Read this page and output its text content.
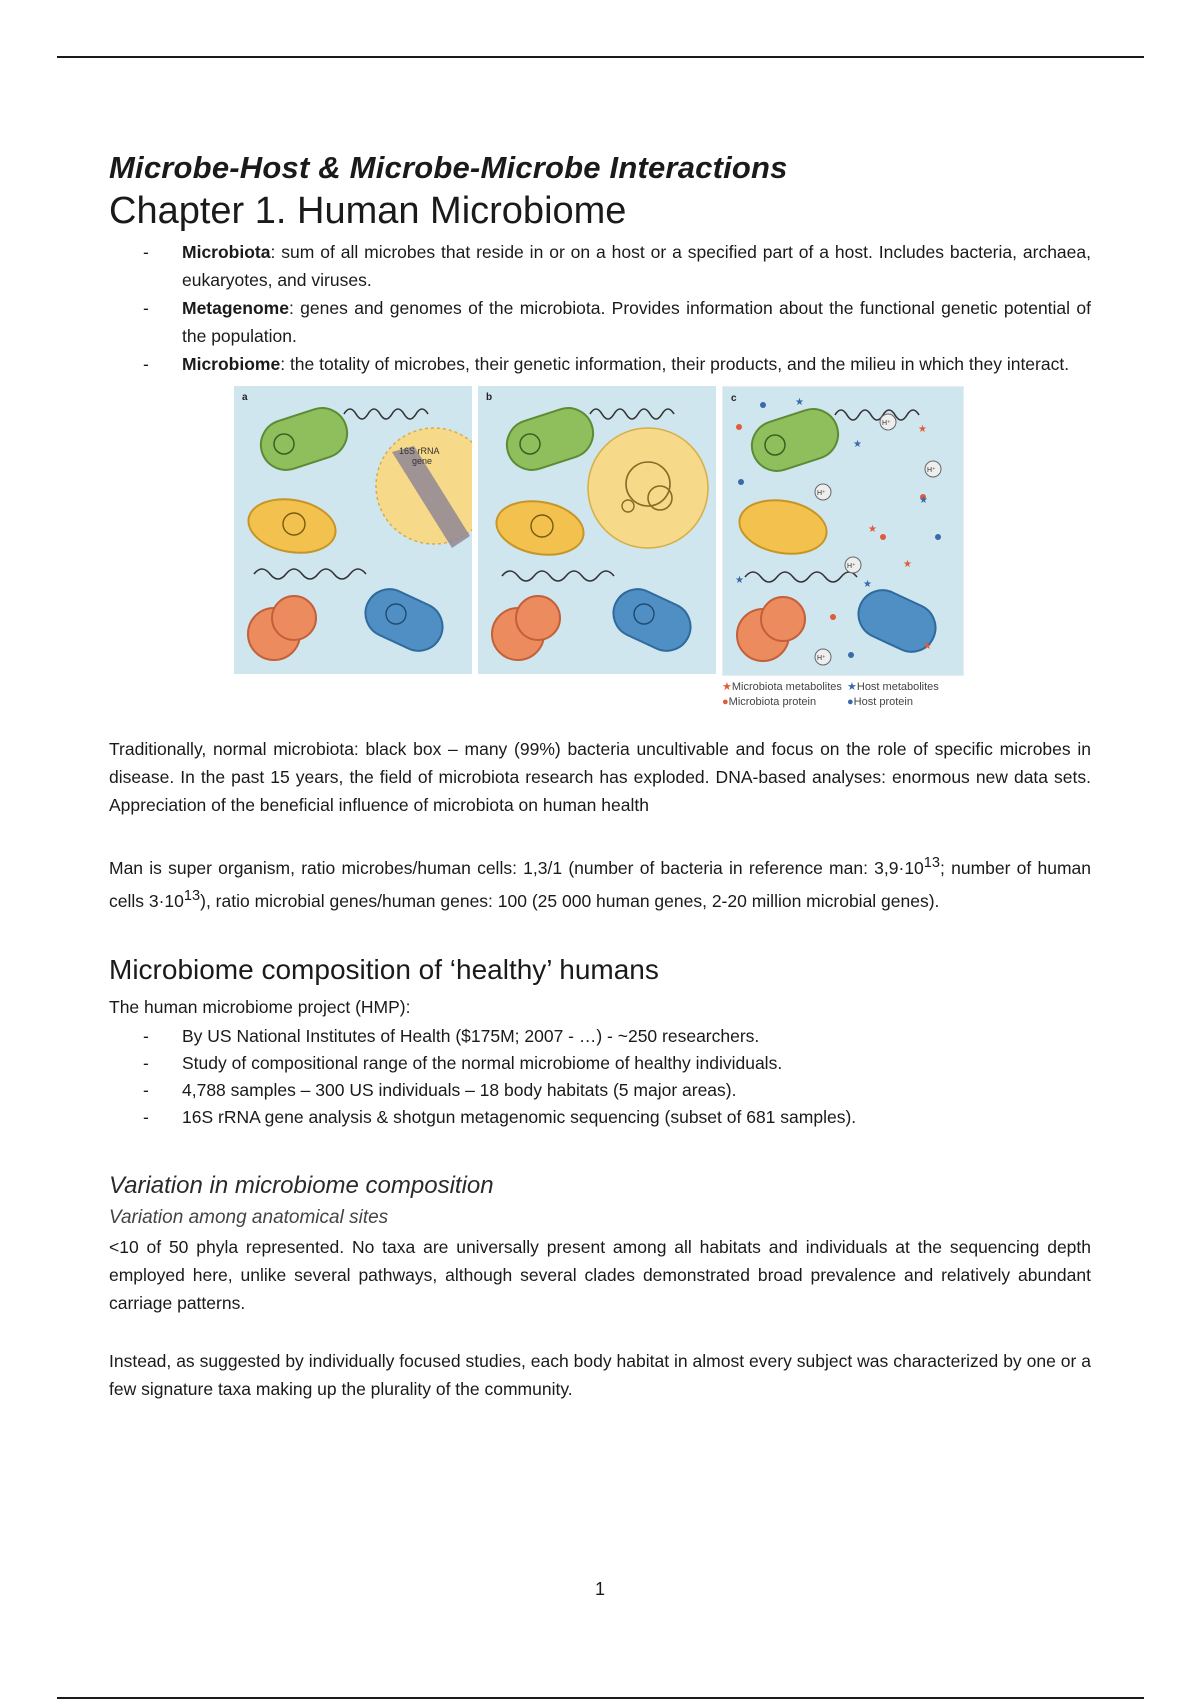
Microbe-Host & Microbe-Microbe Interactions
Chapter 1. Human Microbiome
- Microbiota: sum of all microbes that reside in or on a host or a specified part of a host. Includes bacteria, archaea, eukaryotes, and viruses.
- Metagenome: genes and genomes of the microbiota. Provides information about the functional genetic potential of the population.
- Microbiome: the totality of microbes, their genetic information, their products, and the milieu in which they interact.
a
16S rRNA
gene
b	c
H⁺
H⁺
H⁺
H⁺
H⁺
★
★
★
★
★
★
★	★
★
★Microbiota metabolites ★Host metabolites
●Microbiota protein	●Host protein

Traditionally, normal microbiota: black box – many (99%) bacteria uncultivable and focus on the role of specific microbes in disease. In the past 15 years, the field of microbiota research has exploded. DNA-based analyses: enormous new data sets. Appreciation of the beneficial influence of microbiota on human health

Man is super organism, ratio microbes/human cells: 1,3/1 (number of bacteria in reference man: $3,9\cdot 10^{13}$; number of human cells $3\cdot 10^{13}$), ratio microbial genes/human genes: 100 (25 000 human genes, 2-20 million microbial genes).

Microbiome composition of ‘healthy’ humans

The human microbiome project (HMP):

- By US National Institutes of Health ($175M; 2007 - …) - ~250 researchers.
- Study of compositional range of the normal microbiome of healthy individuals.
- 4,788 samples – 300 US individuals – 18 body habitats (5 major areas).
- 16S rRNA gene analysis & shotgun metagenomic sequencing (subset of 681 samples).
Variation in microbiome composition
Variation among anatomical sites

<10 of 50 phyla represented. No taxa are universally present among all habitats and individuals at the sequencing depth employed here, unlike several pathways, although several clades demonstrated broad prevalence and relatively abundant carriage patterns.

Instead, as suggested by individually focused studies, each body habitat in almost every subject was characterized by one or a few signature taxa making up the plurality of the community.

1
